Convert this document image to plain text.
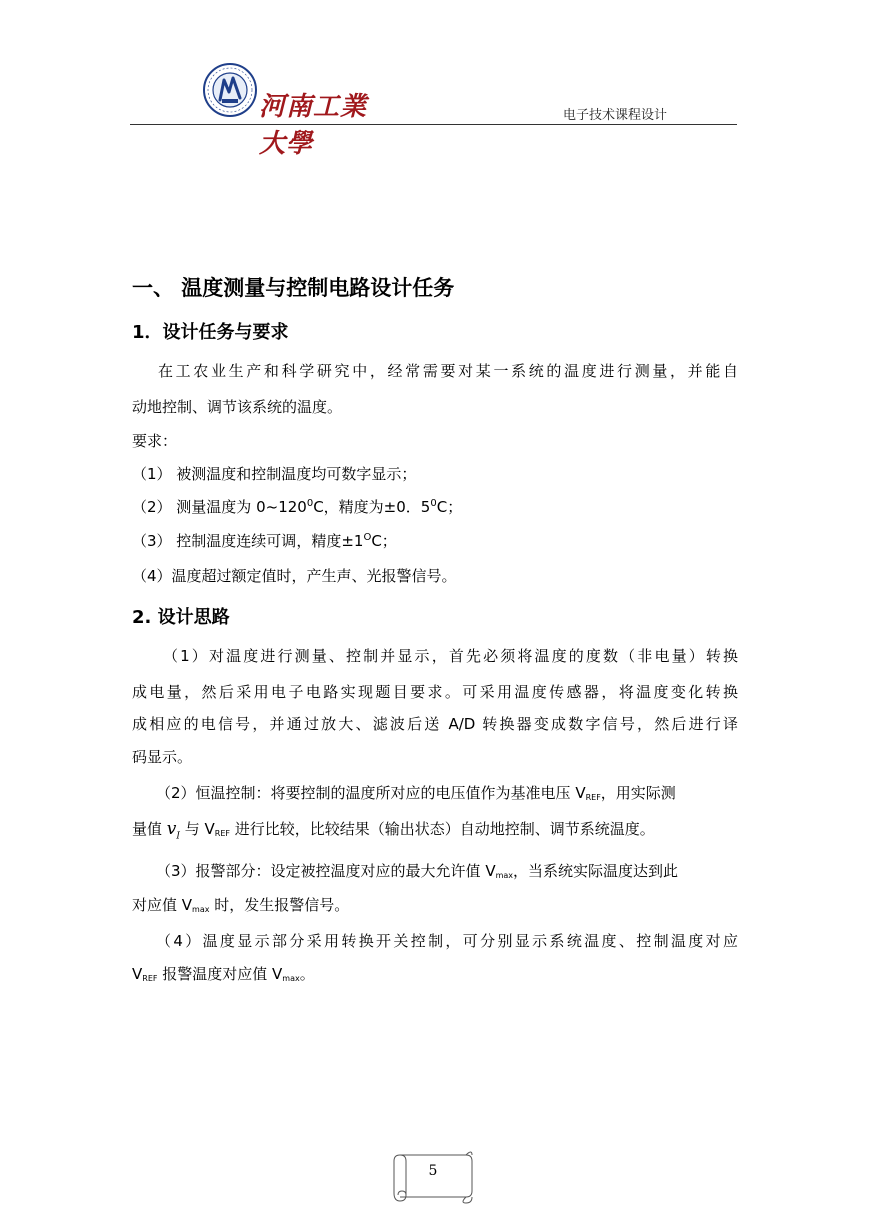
河南工業大學
电子技术课程设计
一、 温度测量与控制电路设计任务
1．设计任务与要求
在工农业生产和科学研究中，经常需要对某一系统的温度进行测量，并能自
动地控制、调节该系统的温度。
要求：
（1） 被测温度和控制温度均可数字显示；
（2） 测量温度为 $0\sim 120^0C$，精度为±0．$5^0C$；
（3） 控制温度连续可调，精度$\pm 1^OC$；
（4）温度超过额定值时，产生声、光报警信号。
2. 设计思路
（1）对温度进行测量、控制并显示，首先必须将温度的度数（非电量）转换
成电量，然后采用电子电路实现题目要求。可采用温度传感器，将温度变化转换
成相应的电信号，并通过放大、滤波后送 A/D 转换器变成数字信号，然后进行译
码显示。
（2）恒温控制：将要控制的温度所对应的电压值作为基准电压 $V_{REF}$，用实际测
量值 $v_I$ 与 $V_{REF}$ 进行比较，比较结果（输出状态）自动地控制、调节系统温度。
（3）报警部分：设定被控温度对应的最大允许值 $V_{max}$，当系统实际温度达到此
对应值 $V_{max}$ 时，发生报警信号。
（4）温度显示部分采用转换开关控制，可分别显示系统温度、控制温度对应
$V_{REF}$ 报警温度对应值 $V_{max}$。
5
